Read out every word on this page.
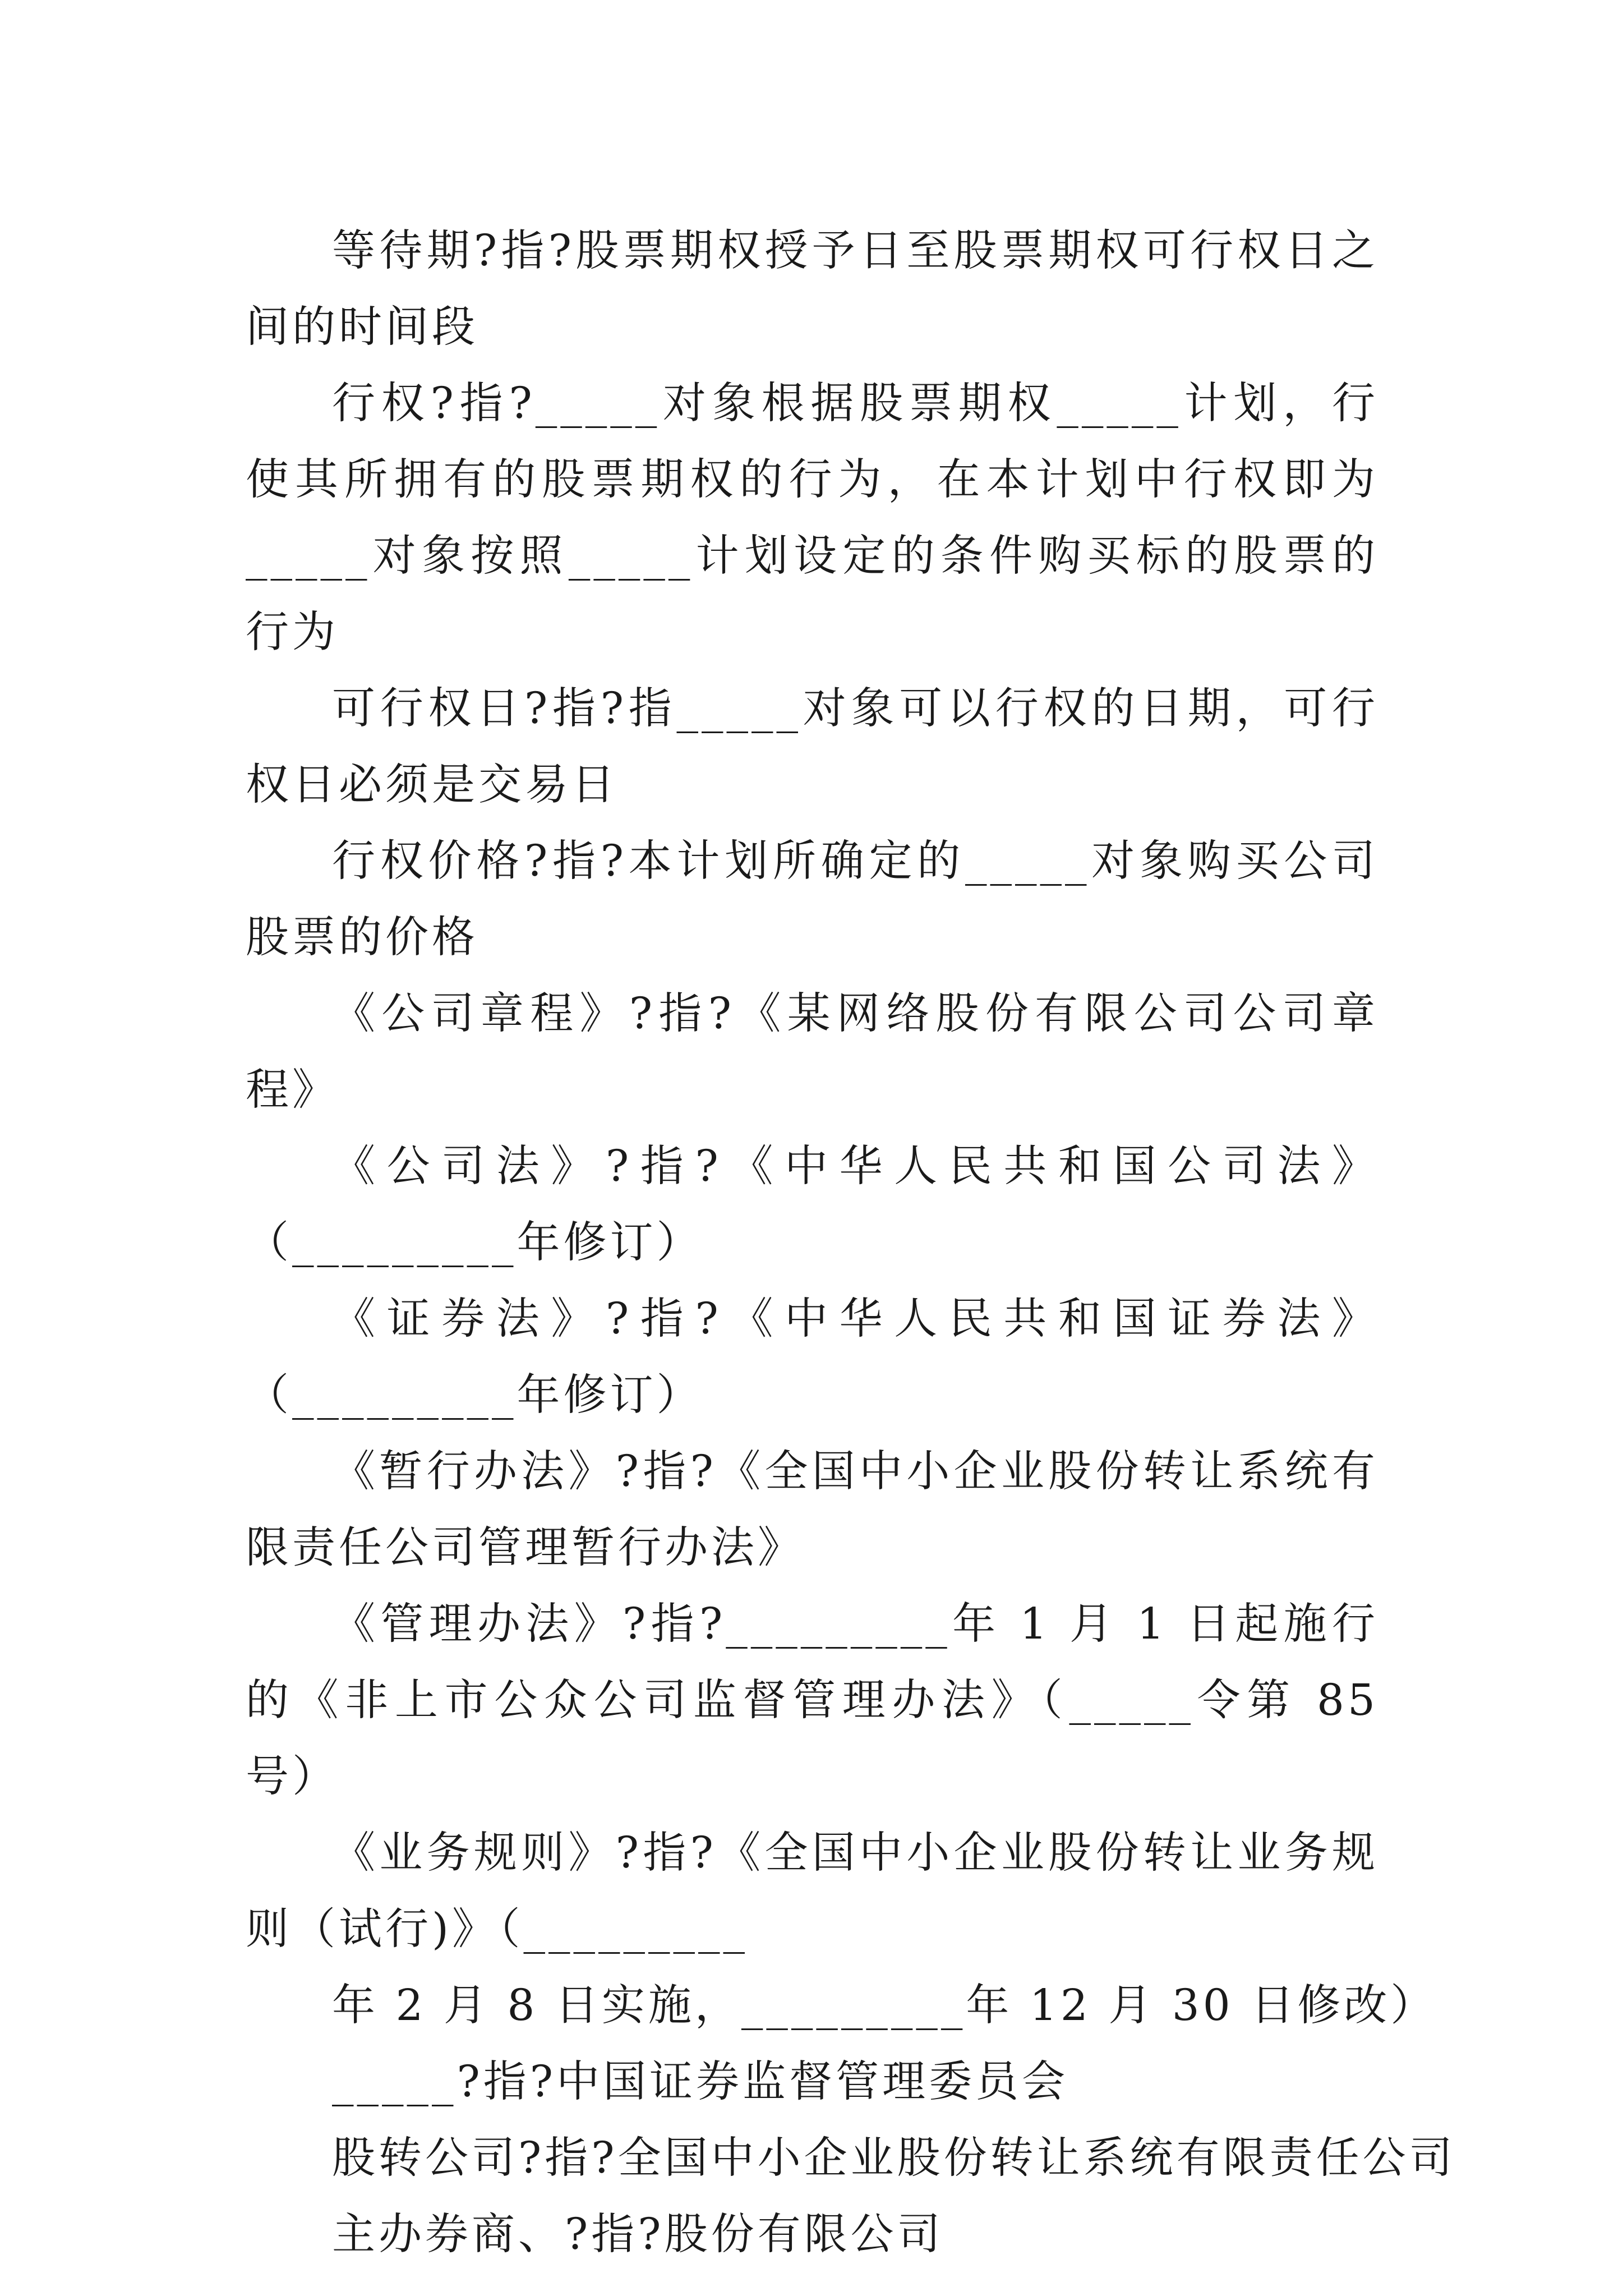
等待期?指?股票期权授予日至股票期权可行权日之间的时间段

行权?指?_____对象根据股票期权_____计划，行使其所拥有的股票期权的行为，在本计划中行权即为_____对象按照_____计划设定的条件购买标的股票的行为

可行权日?指?指_____对象可以行权的日期，可行权日必须是交易日

行权价格?指?本计划所确定的_____对象购买公司股票的价格

《公司章程》?指?《某网络股份有限公司公司章程》

《公司法》?指?《中华人民共和国公司法》（_________年修订）

《证券法》?指?《中华人民共和国证券法》（_________年修订）

《暂行办法》?指?《全国中小企业股份转让系统有限责任公司管理暂行办法》

《管理办法》?指?_________年 1 月 1 日起施行的《非上市公众公司监督管理办法》（_____令第 85 号）

《业务规则》?指?《全国中小企业股份转让业务规则（试行)》（_________

年 2 月 8 日实施，_________年 12 月 30 日修改）

_____?指?中国证券监督管理委员会

股转公司?指?全国中小企业股份转让系统有限责任公司

主办券商、?指?股份有限公司
